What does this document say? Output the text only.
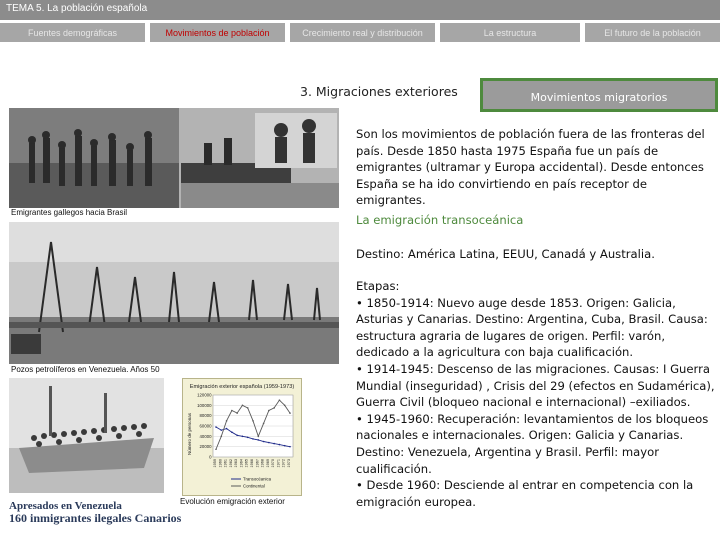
TEMA 5. La población española
Fuentes demográficas	Movimientos de población	Crecimiento real y distribución	La estructura	El futuro de la población
3. Migraciones exteriores	Movimientos migratorios
Emigrantes gallegos hacia Brasil
Pozos petrolíferos en Venezuela. Años 50
Apresados en Venezuela
160 inmigrantes ilegales Canarios
Emigración exterior española (1959-1973)
Número de personas
120000
100000
80000
60000
40000
20000
0
1959 1960 1961 1962 1963 1964 1965 1966 1967 1968 1969 1970 1971 1972 1973
Transocéanica
Continental
Evolución emigración exterior
Son los movimientos de población fuera de las fronteras del país. Desde 1850 hasta 1975 España fue un país de emigrantes (ultramar y Europa accidental). Desde entonces España se ha ido convirtiendo en país receptor de emigrantes.
La emigración transoceánica
Destino: América Latina, EEUU, Canadá y Australia.
Etapas:
• 1850-1914: Nuevo auge desde 1853. Origen: Galicia, Asturias y Canarias. Destino: Argentina, Cuba, Brasil. Causa: estructura agraria de lugares de origen. Perfil: varón, dedicado a la agricultura con baja cualificación.
• 1914-1945: Descenso de las migraciones. Causas: I Guerra Mundial (inseguridad) , Crisis del 29 (efectos en Sudamérica), Guerra Civil (bloqueo nacional e internacional) –exiliados.
• 1945-1960: Recuperación: levantamientos de los bloqueos nacionales e internacionales. Origen: Galicia y Canarias. Destino: Venezuela, Argentina y Brasil. Perfil: mayor cualificación.
• Desde 1960: Desciende al entrar en competencia con la emigración europea.
